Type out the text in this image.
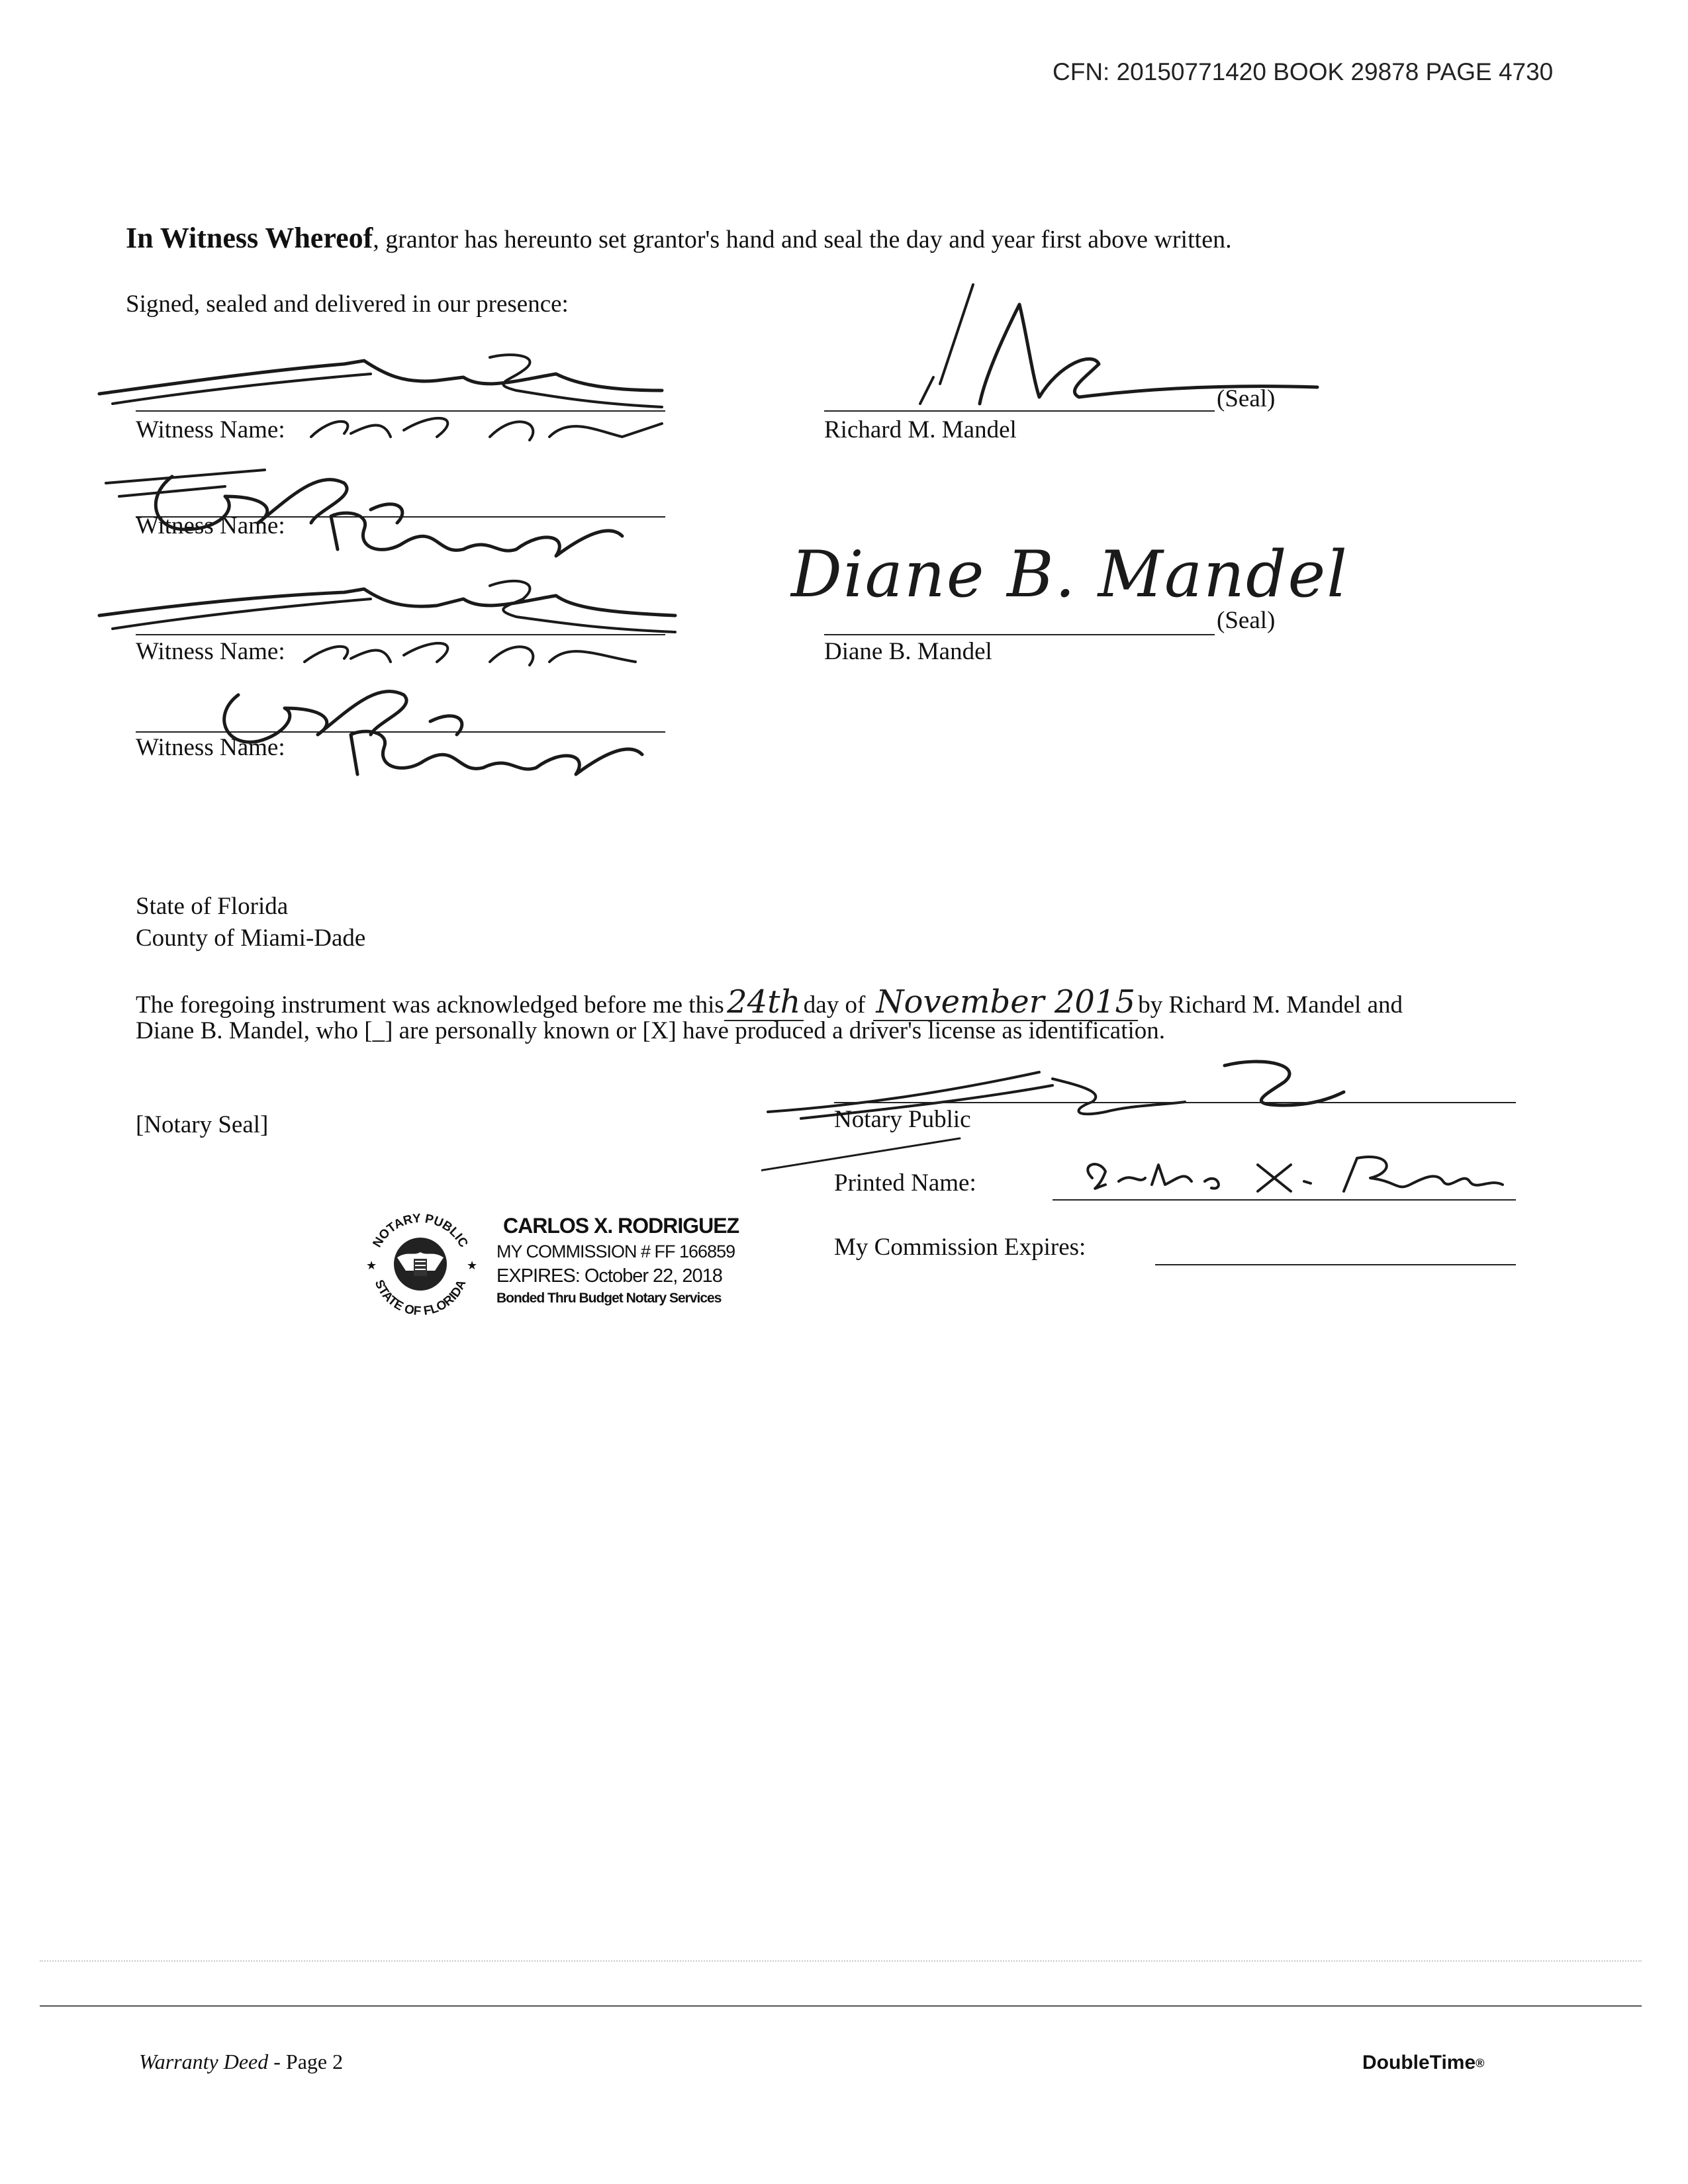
CFN: 20150771420 BOOK 29878 PAGE 4730
In Witness Whereof, grantor has hereunto set grantor's hand and seal the day and year first above written.
Signed, sealed and delivered in our presence:
Witness Name:
Witness Name:
Witness Name:
Witness Name:
(Seal)
Richard M. Mandel
Diane B. Mandel
(Seal)
Diane B. Mandel
State of Florida
County of Miami-Dade
The foregoing instrument was acknowledged before me this24th day of November 2015 by Richard M. Mandel and
Diane B. Mandel, who [_] are personally known or [X] have produced a driver's license as identification.
[Notary Seal]	Notary Public
Printed Name:
My Commission Expires:
NOTARY PUBLIC
STATE OF FLORIDA
★	★
CARLOS X. RODRIGUEZ
MY COMMISSION # FF 166859
EXPIRES: October 22, 2018
Bonded Thru Budget Notary Services
Warranty Deed - Page 2	DoubleTime®
